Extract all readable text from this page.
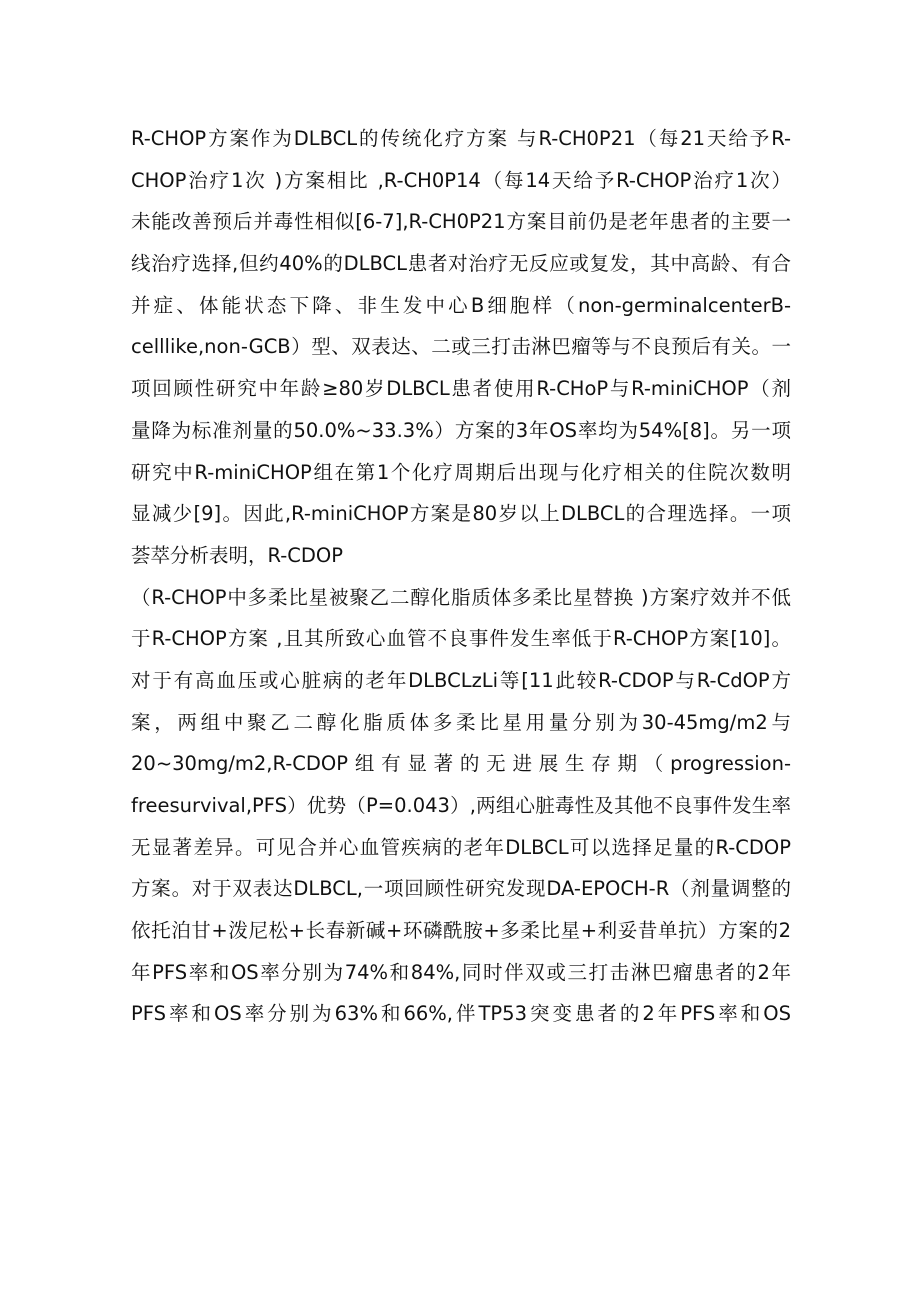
R-CHOP方案作为DLBCL的传统化疗方案 与R-CH0P21（每21天给予R-
CHOP治疗1次 )方案相比 ,R-CH0P14（每14天给予R-CHOP治疗1次）
未能改善预后并毒性相似[6-7],R-CH0P21方案目前仍是老年患者的主要一
线治疗选择,但约40%的DLBCL患者对治疗无反应或复发，其中高龄、有合
并症、体能状态下降、非生发中心B细胞样（non-germinalcenterB-
celllike,non-GCB）型、双表达、二或三打击淋巴瘤等与不良预后有关。一
项回顾性研究中年龄≥80岁DLBCL患者使用R-CHoP与R-miniCHOP（剂
量降为标准剂量的50.0%~33.3%）方案的3年OS率均为54%[8]。另一项
研究中R-miniCHOP组在第1个化疗周期后出现与化疗相关的住院次数明
显减少[9]。因此,R-miniCHOP方案是80岁以上DLBCL的合理选择。一项
荟萃分析表明，R-CDOP
（R-CHOP中多柔比星被聚乙二醇化脂质体多柔比星替换 )方案疗效并不低
于R-CHOP方案 ,且其所致心血管不良事件发生率低于R-CHOP方案[10]。
对于有高血压或心脏病的老年DLBCLzLi等[11此较R-CDOP与R-CdOP方
案，两组中聚乙二醇化脂质体多柔比星用量分别为30-45mg/m2与
20~30mg/m2,R-CDOP组有显著的无进展生存期（progression-
freesurvival,PFS）优势（P=0.043）,两组心脏毒性及其他不良事件发生率
无显著差异。可见合并心血管疾病的老年DLBCL可以选择足量的R-CDOP
方案。对于双表达DLBCL,一项回顾性研究发现DA-EPOCH-R（剂量调整的
依托泊甘+泼尼松+长春新碱+环磷酰胺+多柔比星+利妥昔单抗）方案的2
年PFS率和OS率分别为74%和84%,同时伴双或三打击淋巴瘤患者的2年
PFS率和OS率分别为63%和66%,伴TP53突变患者的2年PFS率和OS
